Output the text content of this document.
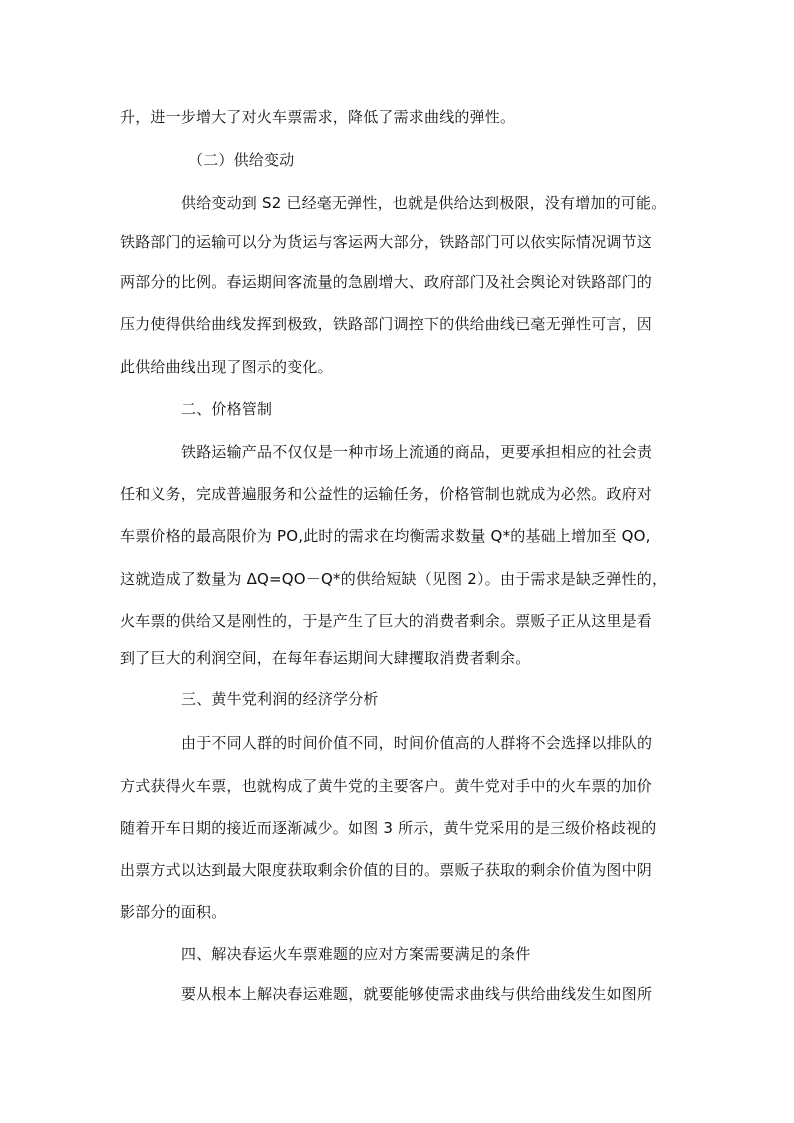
升，进一步增大了对火车票需求，降低了需求曲线的弹性。
（二）供给变动
供给变动到 S2 已经毫无弹性，也就是供给达到极限，没有增加的可能。
铁路部门的运输可以分为货运与客运两大部分，铁路部门可以依实际情况调节这
两部分的比例。春运期间客流量的急剧增大、政府部门及社会舆论对铁路部门的
压力使得供给曲线发挥到极致，铁路部门调控下的供给曲线已毫无弹性可言，因
此供给曲线出现了图示的变化。
二、价格管制
铁路运输产品不仅仅是一种市场上流通的商品，更要承担相应的社会责
任和义务，完成普遍服务和公益性的运输任务，价格管制也就成为必然。政府对
车票价格的最高限价为 PO,此时的需求在均衡需求数量 Q*的基础上增加至 QO,
这就造成了数量为 ΔQ=QO－Q*的供给短缺（见图 2）。由于需求是缺乏弹性的，
火车票的供给又是刚性的，于是产生了巨大的消费者剩余。票贩子正从这里是看
到了巨大的利润空间，在每年春运期间大肆攫取消费者剩余。
三、黄牛党利润的经济学分析
由于不同人群的时间价值不同，时间价值高的人群将不会选择以排队的
方式获得火车票，也就构成了黄牛党的主要客户。黄牛党对手中的火车票的加价
随着开车日期的接近而逐渐减少。如图 3 所示，黄牛党采用的是三级价格歧视的
出票方式以达到最大限度获取剩余价值的目的。票贩子获取的剩余价值为图中阴
影部分的面积。
四、解决春运火车票难题的应对方案需要满足的条件
要从根本上解决春运难题，就要能够使需求曲线与供给曲线发生如图所
